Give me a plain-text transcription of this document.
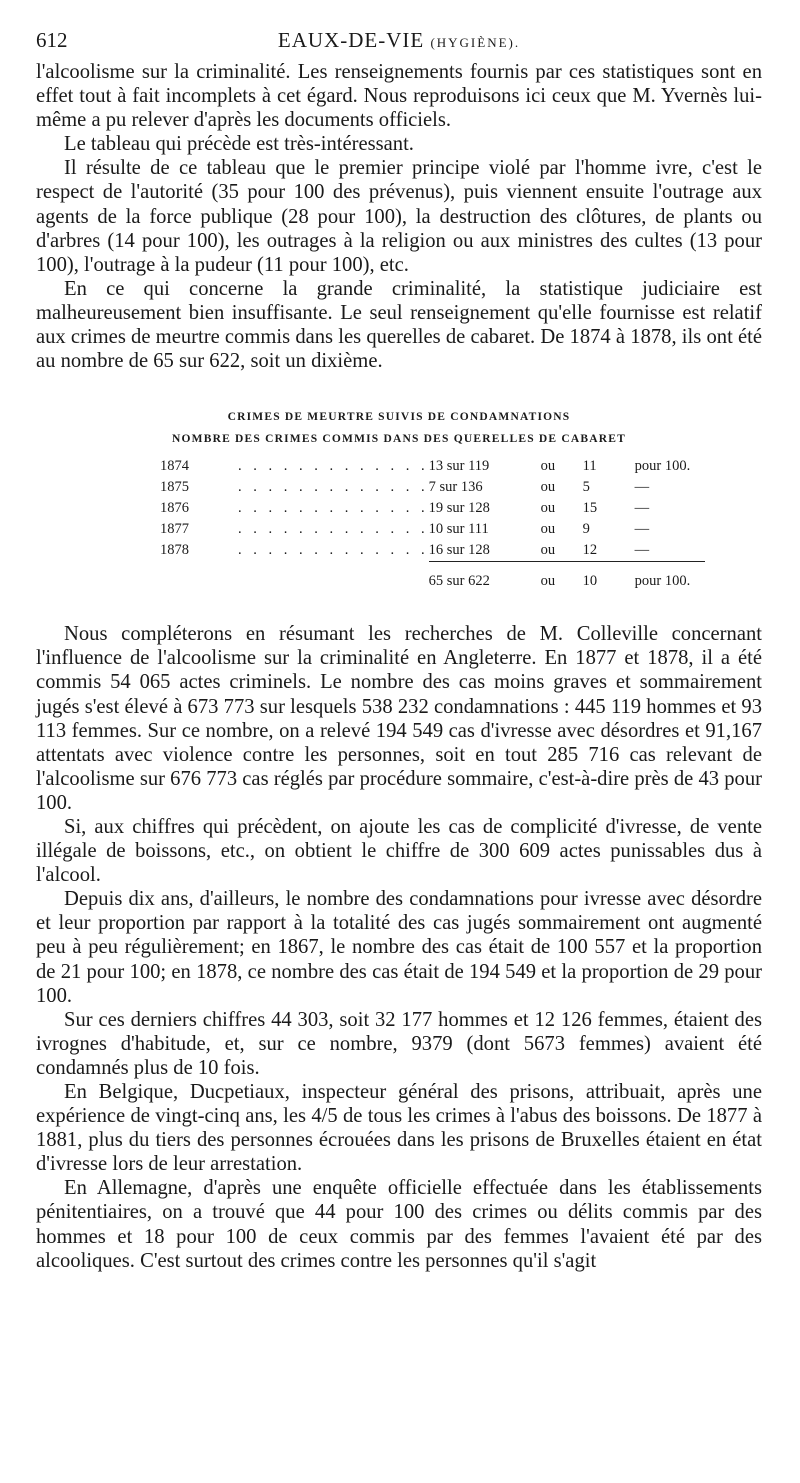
612	EAUX-DE-VIE (HYGIÈNE).

l'alcoolisme sur la criminalité. Les renseignements fournis par ces statistiques sont en effet tout à fait incomplets à cet égard. Nous reproduisons ici ceux que M. Yvernès lui-même a pu relever d'après les documents officiels.

Le tableau qui précède est très-intéressant.

Il résulte de ce tableau que le premier principe violé par l'homme ivre, c'est le respect de l'autorité (35 pour 100 des prévenus), puis viennent ensuite l'outrage aux agents de la force publique (28 pour 100), la destruction des clôtures, de plants ou d'arbres (14 pour 100), les outrages à la religion ou aux ministres des cultes (13 pour 100), l'outrage à la pudeur (11 pour 100), etc.

En ce qui concerne la grande criminalité, la statistique judiciaire est malheureusement bien insuffisante. Le seul renseignement qu'elle fournisse est relatif aux crimes de meurtre commis dans les querelles de cabaret. De 1874 à 1878, ils ont été au nombre de 65 sur 622, soit un dixième.

CRIMES DE MEURTRE SUIVIS DE CONDAMNATIONS
NOMBRE DES CRIMES COMMIS DANS DES QUERELLES DE CABARET
1874	. . . . . . . . . . . . .	13 sur 119	ou	11	pour 100.
1875	. . . . . . . . . . . . .	7 sur 136	ou	5	—
1876	. . . . . . . . . . . . .	19 sur 128	ou	15	—
1877	. . . . . . . . . . . . .	10 sur 111	ou	9	—
1878	. . . . . . . . . . . . .	16 sur 128	ou	12	—
		65 sur 622	ou	10	pour 100.

Nous compléterons en résumant les recherches de M. Colleville concernant l'influence de l'alcoolisme sur la criminalité en Angleterre. En 1877 et 1878, il a été commis 54 065 actes criminels. Le nombre des cas moins graves et sommairement jugés s'est élevé à 673 773 sur lesquels 538 232 condamnations : 445 119 hommes et 93 113 femmes. Sur ce nombre, on a relevé 194 549 cas d'ivresse avec désordres et 91,167 attentats avec violence contre les personnes, soit en tout 285 716 cas relevant de l'alcoolisme sur 676 773 cas réglés par procédure sommaire, c'est-à-dire près de 43 pour 100.

Si, aux chiffres qui précèdent, on ajoute les cas de complicité d'ivresse, de vente illégale de boissons, etc., on obtient le chiffre de 300 609 actes punissables dus à l'alcool.

Depuis dix ans, d'ailleurs, le nombre des condamnations pour ivresse avec désordre et leur proportion par rapport à la totalité des cas jugés sommairement ont augmenté peu à peu régulièrement; en 1867, le nombre des cas était de 100 557 et la proportion de 21 pour 100; en 1878, ce nombre des cas était de 194 549 et la proportion de 29 pour 100.

Sur ces derniers chiffres 44 303, soit 32 177 hommes et 12 126 femmes, étaient des ivrognes d'habitude, et, sur ce nombre, 9379 (dont 5673 femmes) avaient été condamnés plus de 10 fois.

En Belgique, Ducpetiaux, inspecteur général des prisons, attribuait, après une expérience de vingt-cinq ans, les 4/5 de tous les crimes à l'abus des boissons. De 1877 à 1881, plus du tiers des personnes écrouées dans les prisons de Bruxelles étaient en état d'ivresse lors de leur arrestation.

En Allemagne, d'après une enquête officielle effectuée dans les établissements pénitentiaires, on a trouvé que 44 pour 100 des crimes ou délits commis par des hommes et 18 pour 100 de ceux commis par des femmes l'avaient été par des alcooliques. C'est surtout des crimes contre les personnes qu'il s'agit
